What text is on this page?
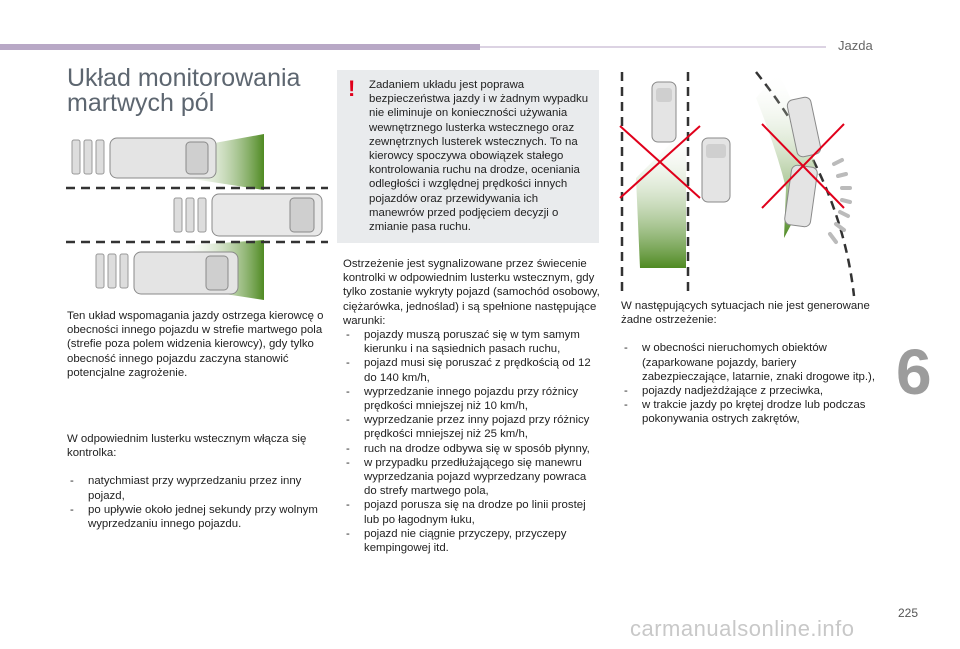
Jazda
Układ monitorowania
martwych pól

Ten układ wspomagania jazdy ostrzega kierowcę o obecności innego pojazdu w strefie martwego pola (strefie poza polem widzenia kierowcy), gdy tylko obecność innego pojazdu zaczyna stanowić potencjalne zagrożenie.

W odpowiednim lusterku wstecznym włącza się kontrolka:
- natychmiast przy wyprzedzaniu przez inny pojazd,
- po upływie około jednej sekundy przy wolnym wyprzedzaniu innego pojazdu.
! Zadaniem układu jest poprawa bezpieczeństwa jazdy i w żadnym wypadku nie eliminuje on konieczności używania wewnętrznego lusterka wstecznego oraz zewnętrznych lusterek wstecznych. To na kierowcy spoczywa obowiązek stałego kontrolowania ruchu na drodze, oceniania odległości i względnej prędkości innych pojazdów oraz przewidywania ich manewrów przed podjęciem decyzji o zmianie pasa ruchu.
Ostrzeżenie jest sygnalizowane przez świecenie kontrolki w odpowiednim lusterku wstecznym, gdy tylko zostanie wykryty pojazd (samochód osobowy, ciężarówka, jednoślad) i są spełnione następujące warunki:
- pojazdy muszą poruszać się w tym samym kierunku i na sąsiednich pasach ruchu,
- pojazd musi się poruszać z prędkością od 12 do 140 km/h,
- wyprzedzanie innego pojazdu przy różnicy prędkości mniejszej niż 10 km/h,
- wyprzedzanie przez inny pojazd przy różnicy prędkości mniejszej niż 25 km/h,
- ruch na drodze odbywa się w sposób płynny,
- w przypadku przedłużającego się manewru wyprzedzania pojazd wyprzedzany powraca do strefy martwego pola,
- pojazd porusza się na drodze po linii prostej lub po łagodnym łuku,
- pojazd nie ciągnie przyczepy, przyczepy kempingowej itd.
W następujących sytuacjach nie jest generowane żadne ostrzeżenie:
- w obecności nieruchomych obiektów (zaparkowane pojazdy, bariery zabezpieczające, latarnie, znaki drogowe itp.),
- pojazdy nadjeżdżające z przeciwka,
- w trakcie jazdy po krętej drodze lub podczas pokonywania ostrych zakrętów,
6
225
carmanualsonline.info
